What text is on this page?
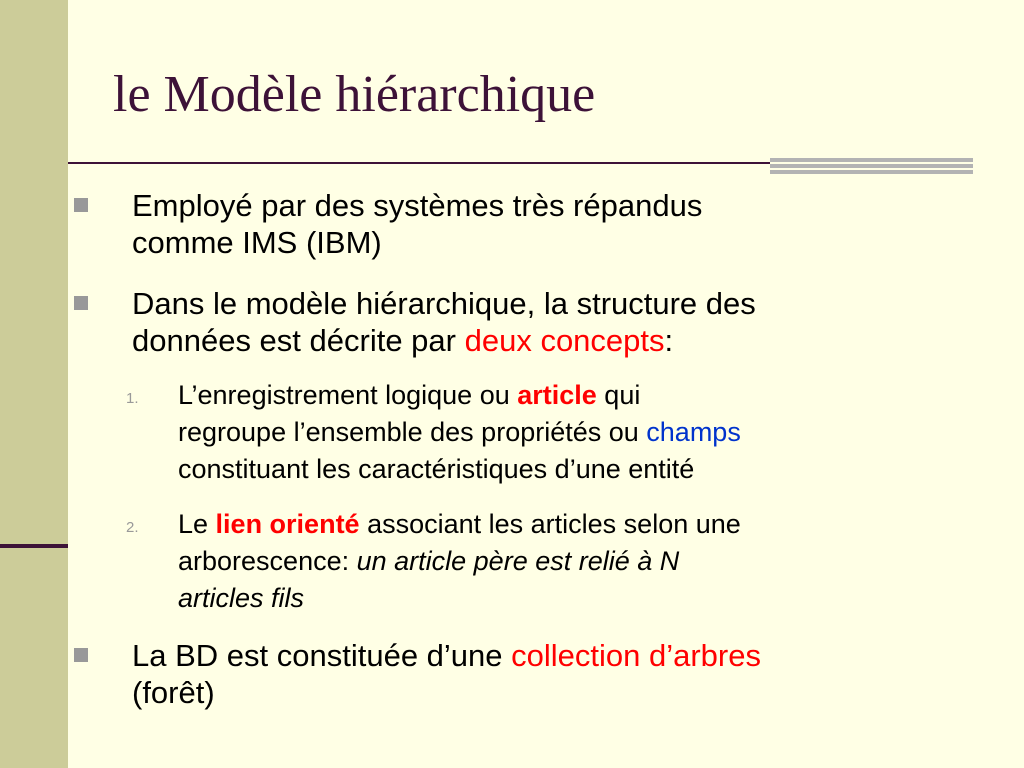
le Modèle hiérarchique
Employé par des systèmes très répandus
comme IMS (IBM)
Dans le modèle hiérarchique, la structure des
données est décrite par deux concepts:
1. L’enregistrement logique ou article qui
regroupe l’ensemble des propriétés ou champs
constituant les caractéristiques d’une entité
2. Le lien orienté associant les articles selon une
arborescence: un article père est relié à N
articles fils
La BD est constituée d’une collection d’arbres
(forêt)
